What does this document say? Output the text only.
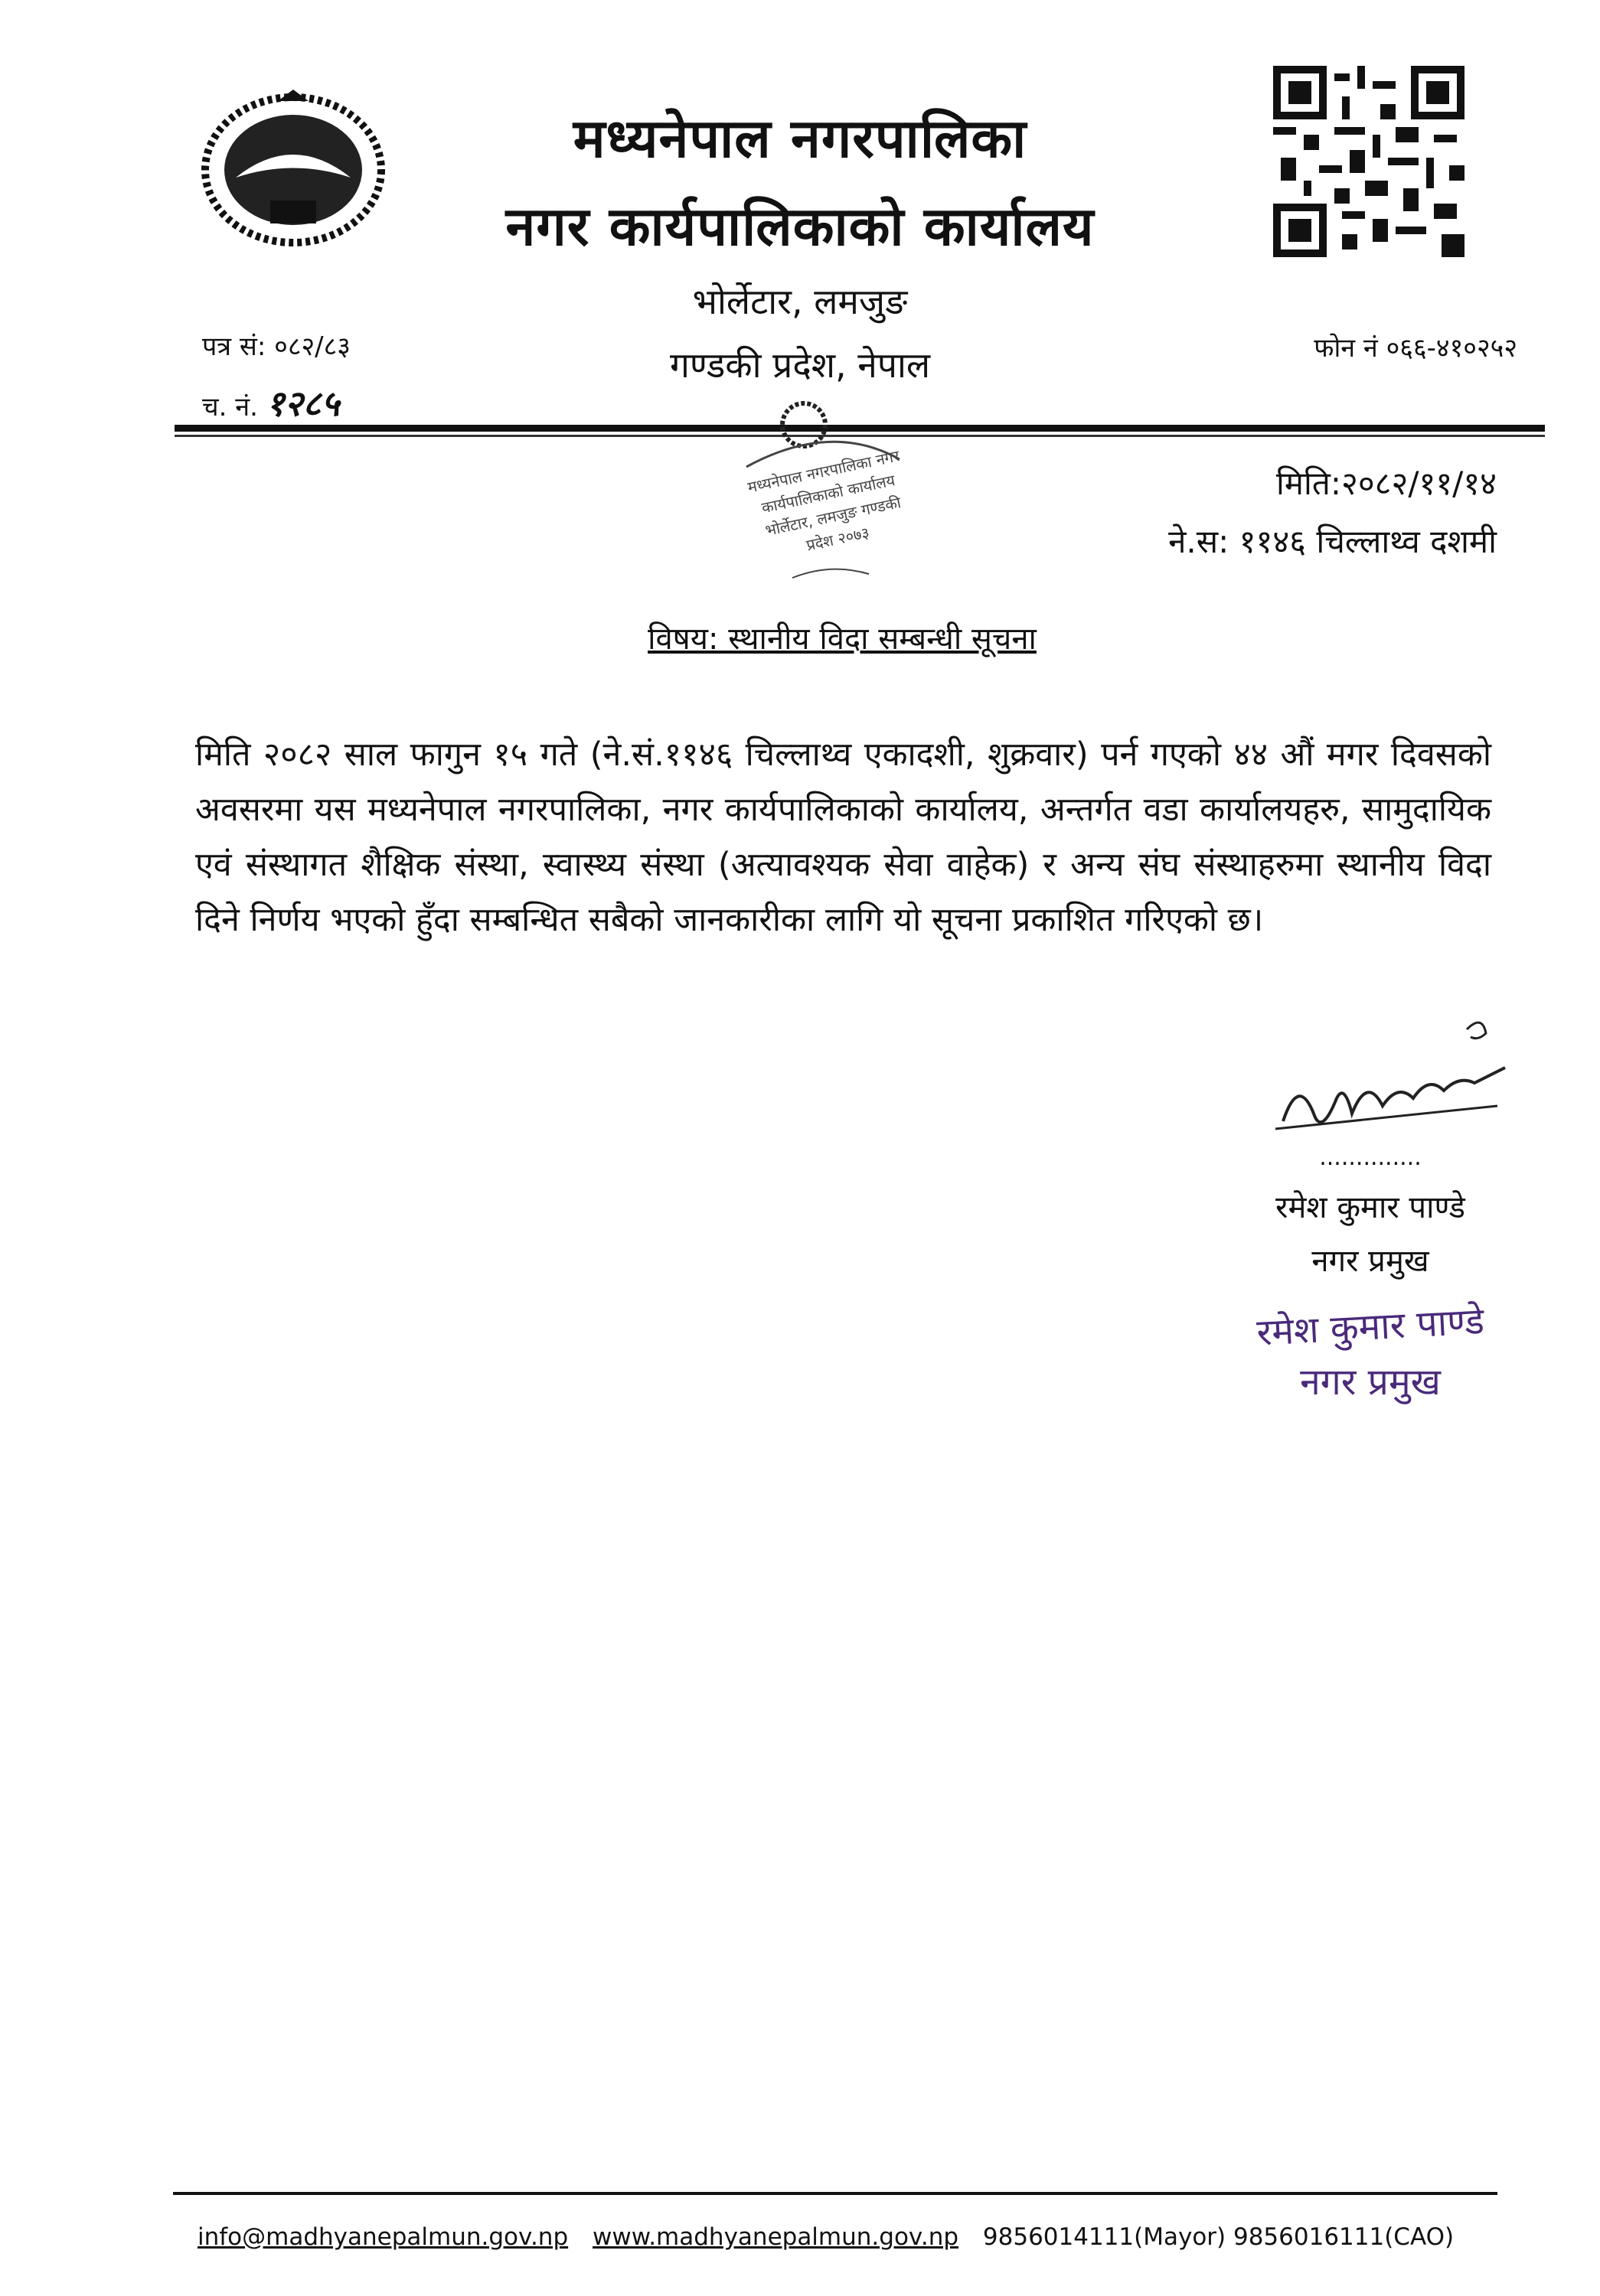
मध्यनेपाल नगरपालिका
नगर कार्यपालिकाको कार्यालय
भोर्लेटार, लमजुङ
गण्डकी प्रदेश, नेपाल
पत्र सं: ०८२/८३
च. नं. १२८५
फोन नं ०६६-४१०२५२
मध्यनेपाल नगरपालिका नगर कार्यपालिकाको कार्यालय भोर्लेटार, लमजुङ गण्डकी प्रदेश २०७३
मिति:२०८२/११/१४
ने.स: ११४६ चिल्लाथ्व दशमी
विषय: स्थानीय विदा सम्बन्धी सूचना
मिति २०८२ साल फागुन १५ गते (ने.सं.११४६ चिल्लाथ्व एकादशी, शुक्रवार) पर्न गएको ४४ औं मगर दिवसको अवसरमा यस मध्यनेपाल नगरपालिका, नगर कार्यपालिकाको कार्यालय, अन्तर्गत वडा कार्यालयहरु, सामुदायिक एवं संस्थागत शैक्षिक संस्था, स्वास्थ्य संस्था (अत्यावश्यक सेवा वाहेक) र अन्य संघ संस्थाहरुमा स्थानीय विदा दिने निर्णय भएको हुँदा सम्बन्धित सबैको जानकारीका लागि यो सूचना प्रकाशित गरिएको छ।
..............
रमेश कुमार पाण्डे
नगर प्रमुख
रमेश कुमार पाण्डे
नगर प्रमुख
info@madhyanepalmun.gov.np www.madhyanepalmun.gov.np 9856014111(Mayor) 9856016111(CAO)
